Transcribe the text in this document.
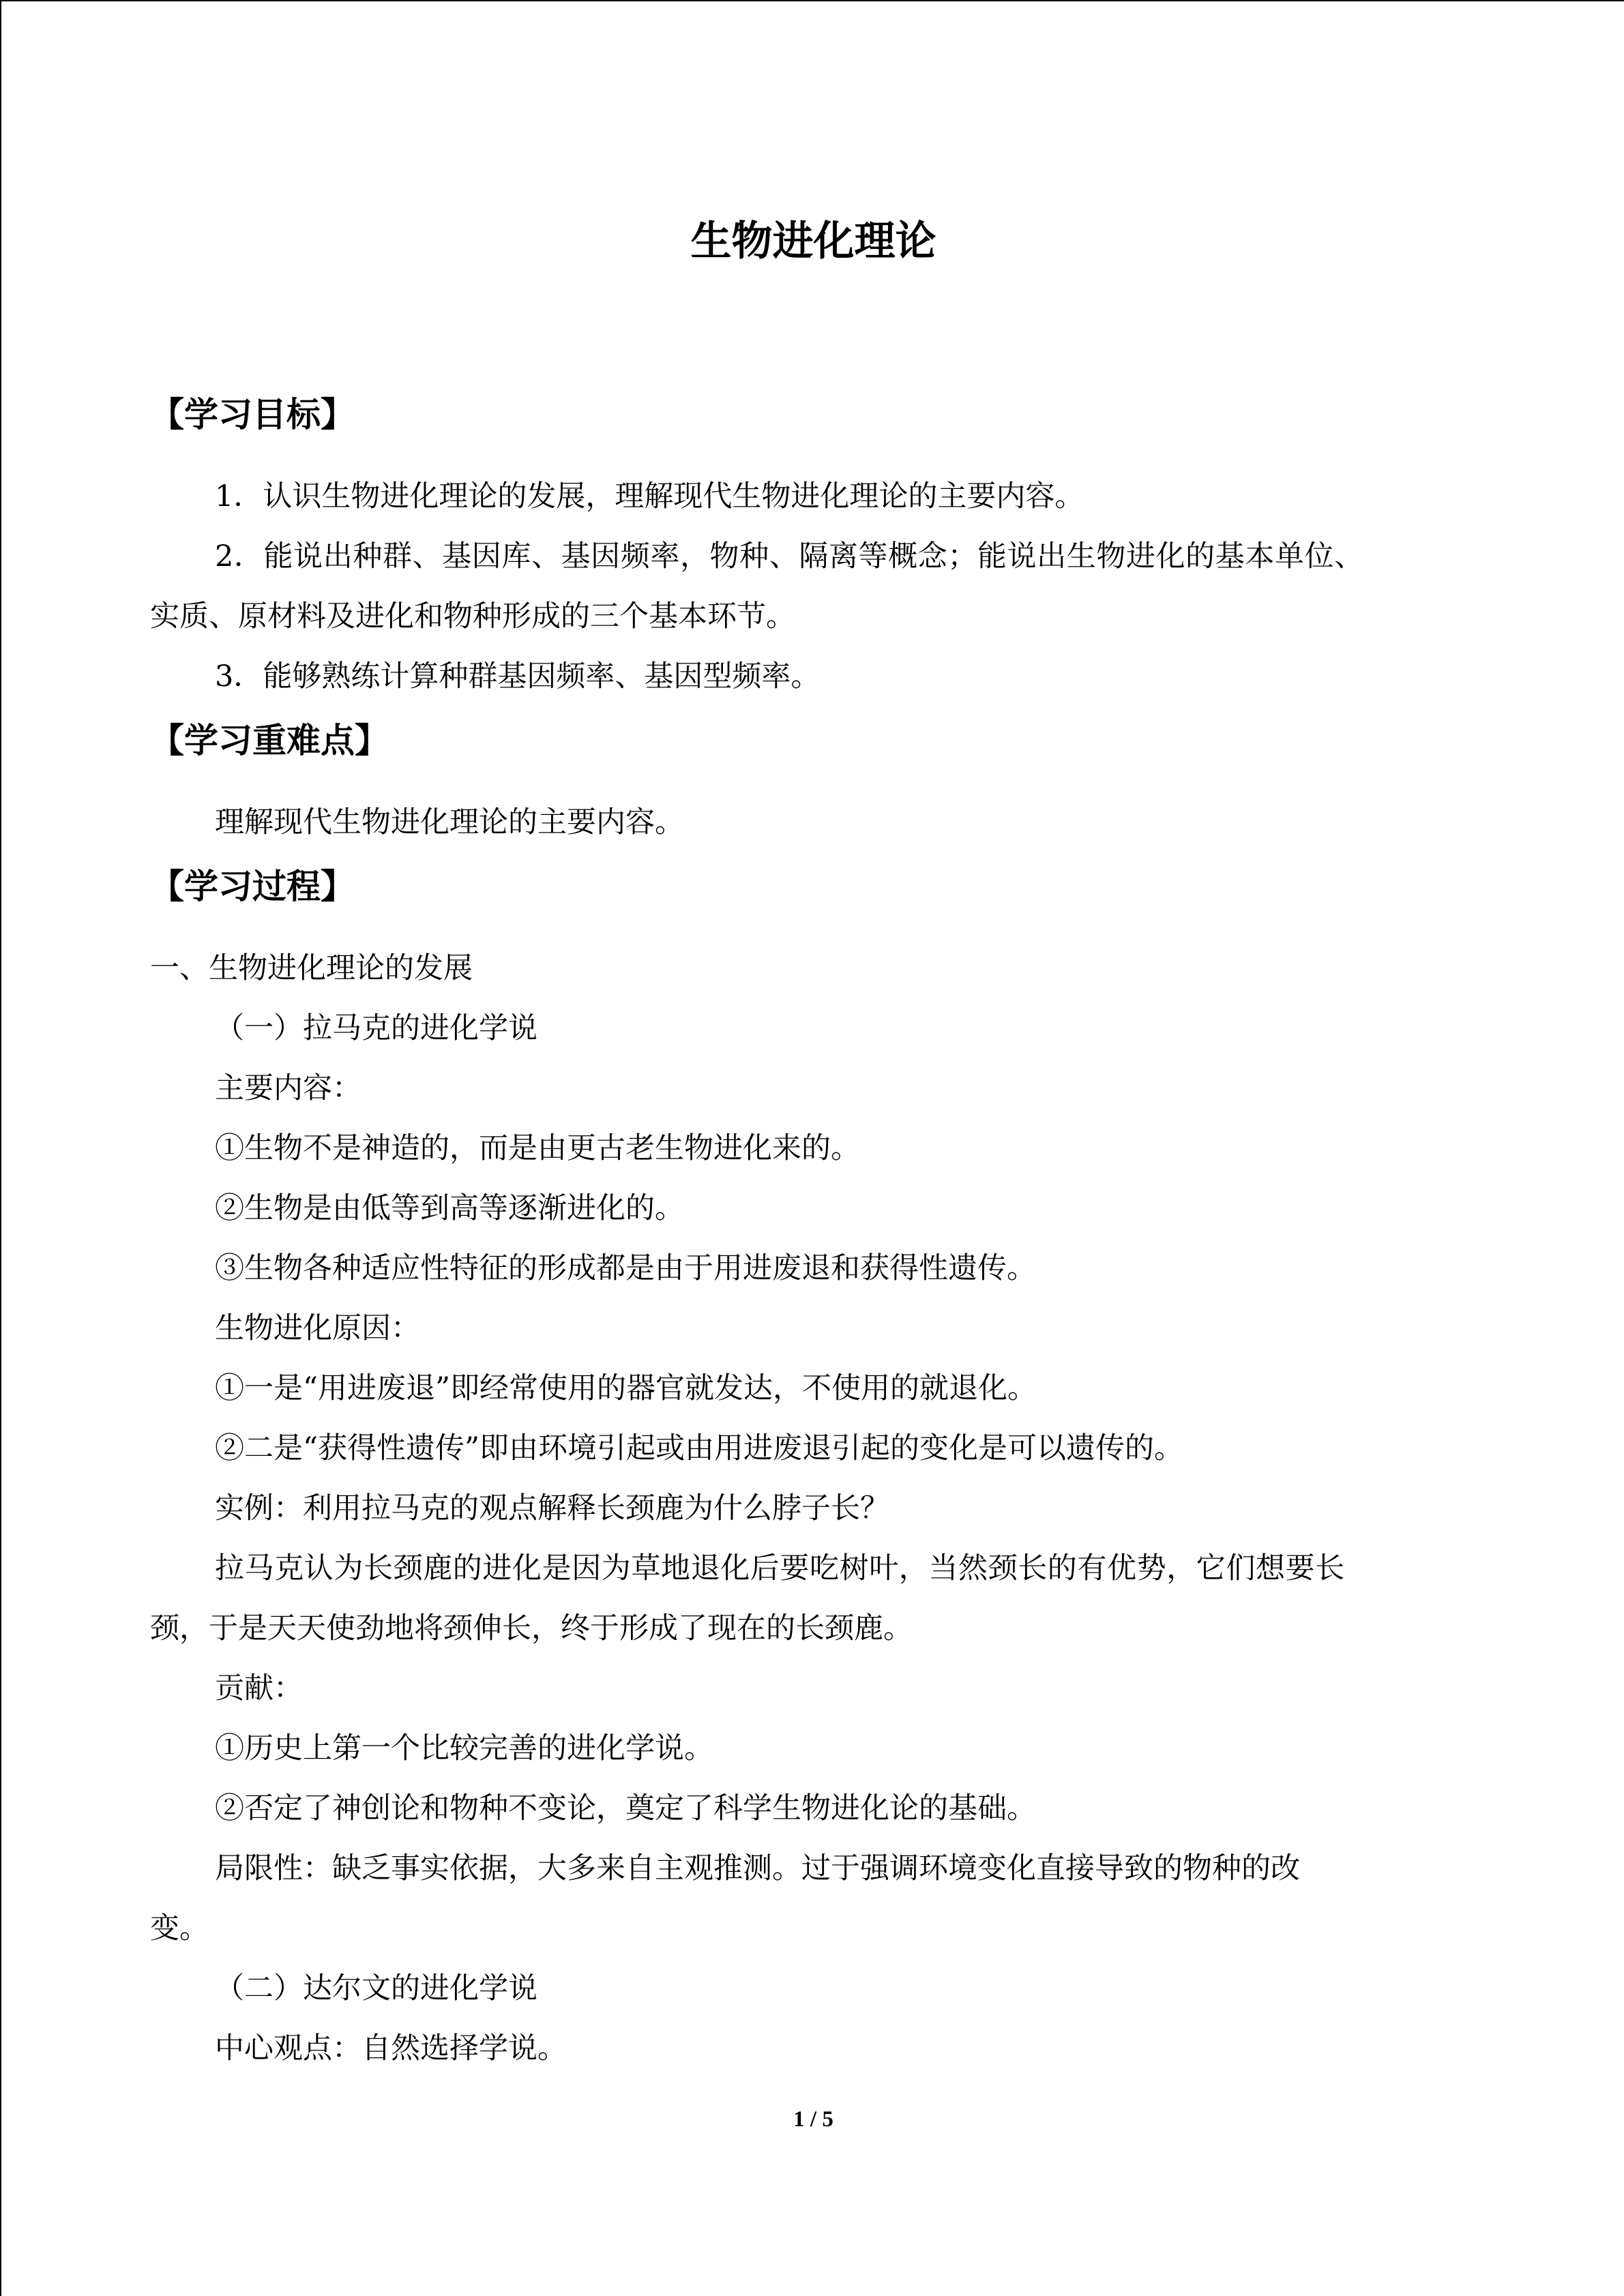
生物进化理论
【学习目标】
1．认识生物进化理论的发展，理解现代生物进化理论的主要内容。
2．能说出种群、基因库、基因频率，物种、隔离等概念；能说出生物进化的基本单位、
实质、原材料及进化和物种形成的三个基本环节。
3．能够熟练计算种群基因频率、基因型频率。
【学习重难点】
理解现代生物进化理论的主要内容。
【学习过程】
一、生物进化理论的发展
（一）拉马克的进化学说
主要内容：
①生物不是神造的，而是由更古老生物进化来的。
②生物是由低等到高等逐渐进化的。
③生物各种适应性特征的形成都是由于用进废退和获得性遗传。
生物进化原因：
①一是“用进废退”即经常使用的器官就发达，不使用的就退化。
②二是“获得性遗传”即由环境引起或由用进废退引起的变化是可以遗传的。
实例：利用拉马克的观点解释长颈鹿为什么脖子长？
拉马克认为长颈鹿的进化是因为草地退化后要吃树叶，当然颈长的有优势，它们想要长
颈，于是天天使劲地将颈伸长，终于形成了现在的长颈鹿。
贡献：
①历史上第一个比较完善的进化学说。
②否定了神创论和物种不变论，奠定了科学生物进化论的基础。
局限性：缺乏事实依据，大多来自主观推测。过于强调环境变化直接导致的物种的改
变。
（二）达尔文的进化学说
中心观点：自然选择学说。
1 / 5
